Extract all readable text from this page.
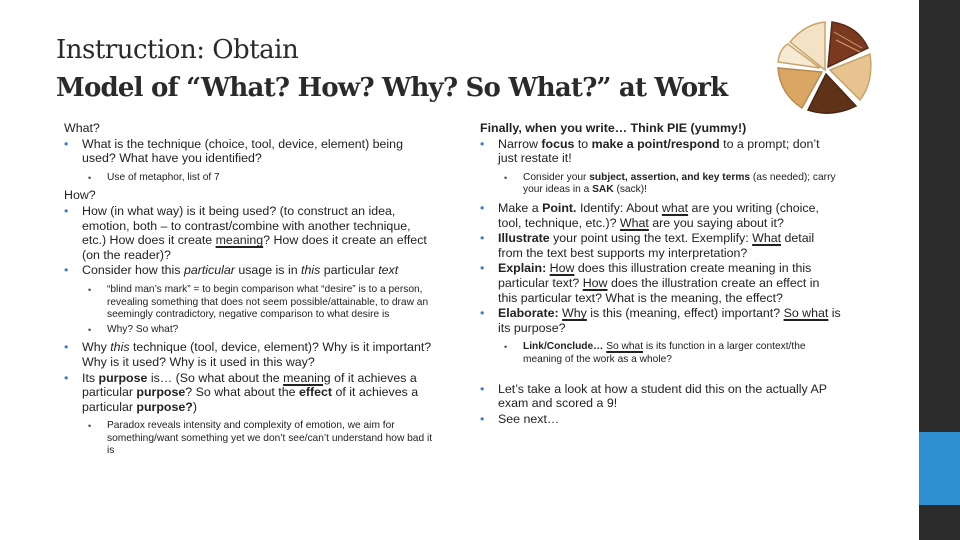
Instruction: Obtain
Model of “What? How? Why? So What?” at Work

What?

• What is the technique (choice, tool, device, element) being used? What have you identified?
• Use of metaphor, list of 7

How?

• How (in what way) is it being used? (to construct an idea, emotion, both – to contrast/combine with another technique, etc.) How does it create meaning? How does it create an effect (on the reader)?
• Consider how this particular usage is in this particular text
• “blind man’s mark” = to begin comparison what “desire” is to a person, revealing something that does not seem possible/attainable, to draw an seemingly contradictory, negative comparison to what desire is
• Why? So what?
• Why this technique (tool, device, element)? Why is it important? Why is it used? Why is it used in this way?
• Its purpose is… (So what about the meaning of it achieves a particular purpose? So what about the effect of it achieves a particular purpose?)
• Paradox reveals intensity and complexity of emotion, we aim for something/want something yet we don’t see/can’t understand how bad it is

Finally, when you write… Think PIE (yummy!)

• Narrow focus to make a point/respond to a prompt; don’t just restate it!
• Consider your subject, assertion, and key terms (as needed); carry your ideas in a SAK (sack)!
• Make a Point. Identify: About what are you writing (choice, tool, technique, etc.)? What are you saying about it?
• Illustrate your point using the text. Exemplify: What detail from the text best supports my interpretation?
• Explain: How does this illustration create meaning in this particular text? How does the illustration create an effect in this particular text? What is the meaning, the effect?
• Elaborate: Why is this (meaning, effect) important? So what is its purpose?
• Link/Conclude… So what is its function in a larger context/the meaning of the work as a whole?
• Let’s take a look at how a student did this on the actually AP exam and scored a 9!
• See next…
